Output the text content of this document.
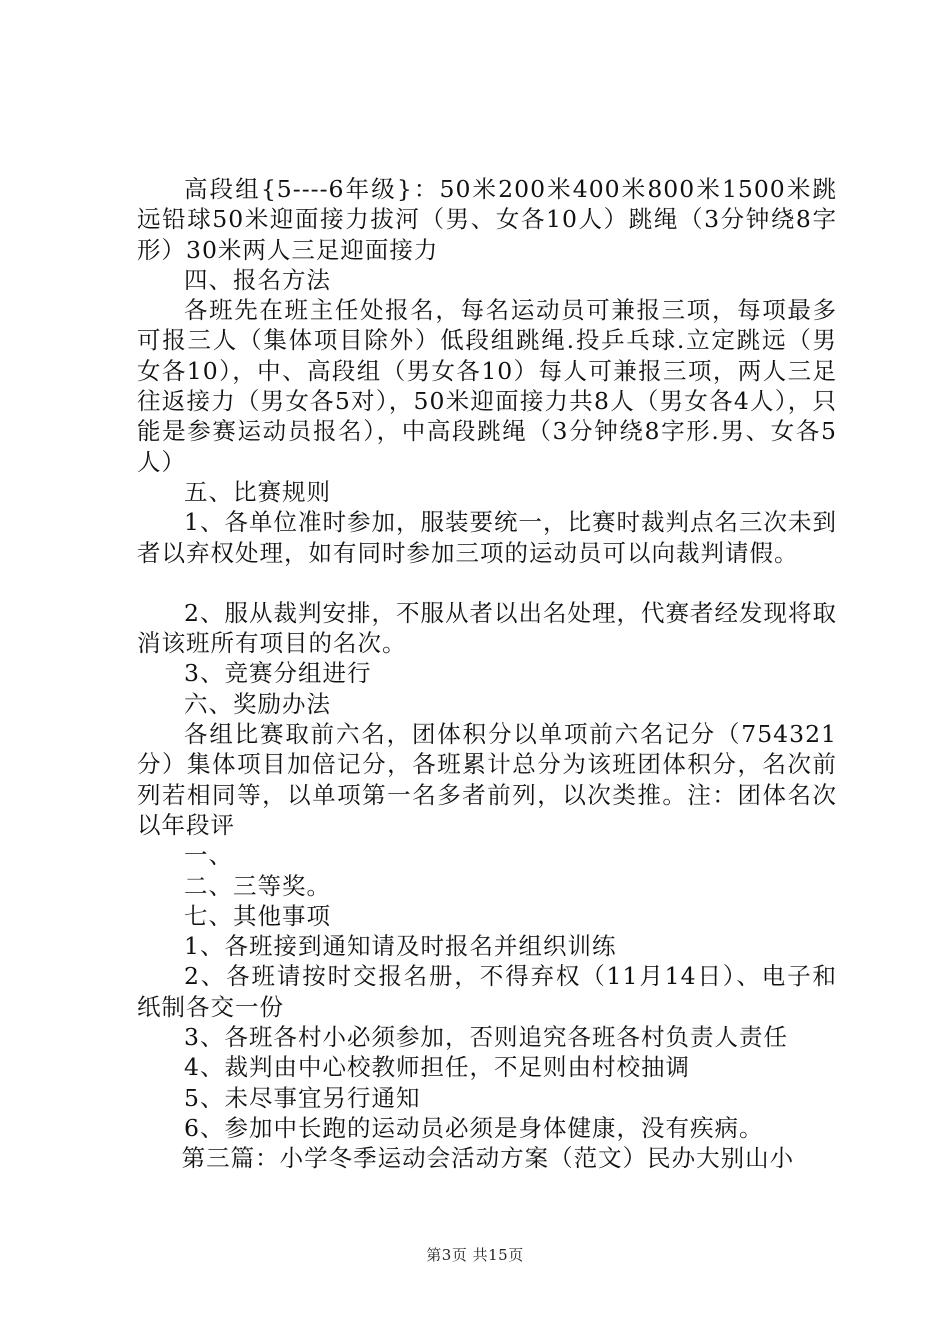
高段组{5----6年级}：50米200米400米800米1500米跳远铅球50米迎面接力拔河（男、女各10人）跳绳（3分钟绕8字形）30米两人三足迎面接力

四、报名方法

各班先在班主任处报名，每名运动员可兼报三项，每项最多可报三人（集体项目除外）低段组跳绳.投乒乓球.立定跳远（男女各10），中、高段组（男女各10）每人可兼报三项，两人三足往返接力（男女各5对），50米迎面接力共8人（男女各4人），只能是参赛运动员报名），中高段跳绳（3分钟绕8字形.男、女各5人）

五、比赛规则

1、各单位准时参加，服装要统一，比赛时裁判点名三次未到者以弃权处理，如有同时参加三项的运动员可以向裁判请假。

2、服从裁判安排，不服从者以出名处理，代赛者经发现将取消该班所有项目的名次。

3、竞赛分组进行

六、奖励办法

各组比赛取前六名，团体积分以单项前六名记分（754321分）集体项目加倍记分，各班累计总分为该班团体积分，名次前列若相同等，以单项第一名多者前列，以次类推。注：团体名次以年段评

一、

二、三等奖。

七、其他事项

1、各班接到通知请及时报名并组织训练

2、各班请按时交报名册，不得弃权（11月14日）、电子和纸制各交一份

3、各班各村小必须参加，否则追究各班各村负责人责任

4、裁判由中心校教师担任，不足则由村校抽调

5、未尽事宜另行通知

6、参加中长跑的运动员必须是身体健康，没有疾病。

第三篇：小学冬季运动会活动方案（范文）民办大别山小

第3页 共15页
